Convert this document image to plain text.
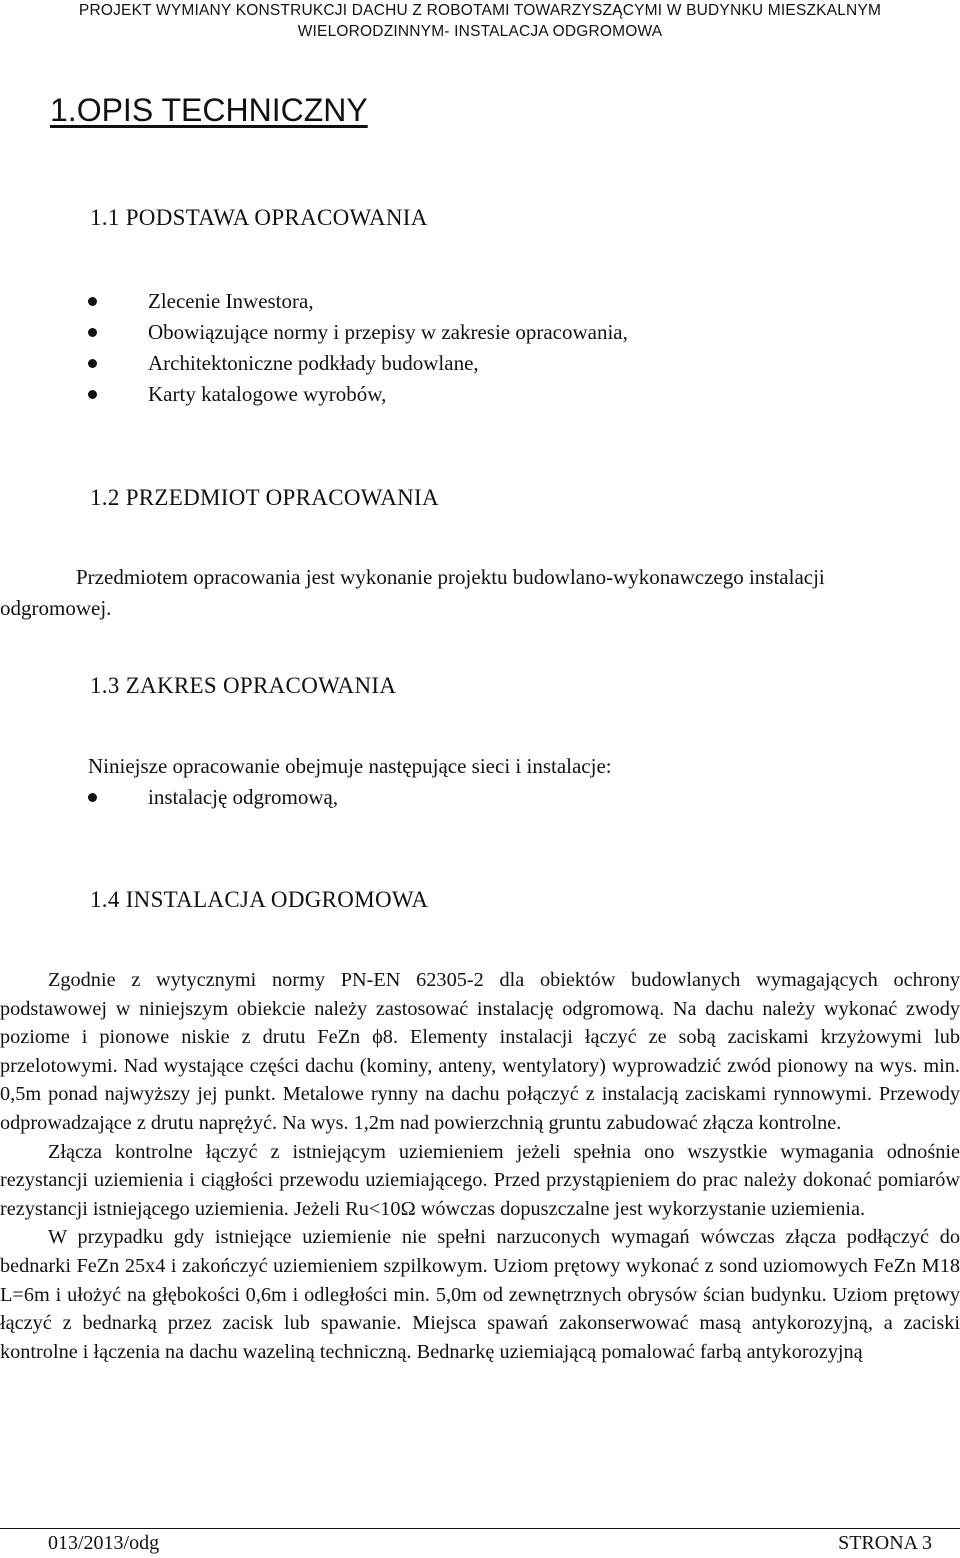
PROJEKT WYMIANY KONSTRUKCJI DACHU Z ROBOTAMI TOWARZYSZĄCYMI W BUDYNKU MIESZKALNYM
WIELORODZINNYM- INSTALACJA ODGROMOWA
1.OPIS TECHNICZNY
1.1 PODSTAWA OPRACOWANIA
Zlecenie Inwestora,
Obowiązujące normy i przepisy w zakresie opracowania,
Architektoniczne podkłady budowlane,
Karty katalogowe wyrobów,
1.2 PRZEDMIOT OPRACOWANIA
Przedmiotem opracowania jest wykonanie projektu budowlano-wykonawczego instalacji
odgromowej.
1.3 ZAKRES OPRACOWANIA
Niniejsze opracowanie obejmuje następujące sieci i instalacje:
instalację odgromową,
1.4 INSTALACJA ODGROMOWA

Zgodnie z wytycznymi normy PN-EN 62305-2 dla obiektów budowlanych wymagających ochrony podstawowej w niniejszym obiekcie należy zastosować instalację odgromową. Na dachu należy wykonać zwody poziome i pionowe niskie z drutu FeZn ϕ8. Elementy instalacji łączyć ze sobą zaciskami krzyżowymi lub przelotowymi. Nad wystające części dachu (kominy, anteny, wentylatory) wyprowadzić zwód pionowy na wys. min. 0,5m ponad najwyższy jej punkt. Metalowe rynny na dachu połączyć z instalacją zaciskami rynnowymi. Przewody odprowadzające z drutu naprężyć. Na wys. 1,2m nad powierzchnią gruntu zabudować złącza kontrolne.

Złącza kontrolne łączyć z istniejącym uziemieniem jeżeli spełnia ono wszystkie wymagania odnośnie rezystancji uziemienia i ciągłości przewodu uziemiającego. Przed przystąpieniem do prac należy dokonać pomiarów rezystancji istniejącego uziemienia. Jeżeli Ru<10Ω wówczas dopuszczalne jest wykorzystanie uziemienia.

W przypadku gdy istniejące uziemienie nie spełni narzuconych wymagań wówczas złącza podłączyć do bednarki FeZn 25x4 i zakończyć uziemieniem szpilkowym. Uziom prętowy wykonać z sond uziomowych FeZn M18 L=6m i ułożyć na głębokości 0,6m i odległości min. 5,0m od zewnętrznych obrysów ścian budynku. Uziom prętowy łączyć z bednarką przez zacisk lub spawanie. Miejsca spawań zakonserwować masą antykorozyjną, a zaciski kontrolne i łączenia na dachu wazeliną techniczną. Bednarkę uziemiającą pomalować farbą antykorozyjną

013/2013/odg	STRONA 3
